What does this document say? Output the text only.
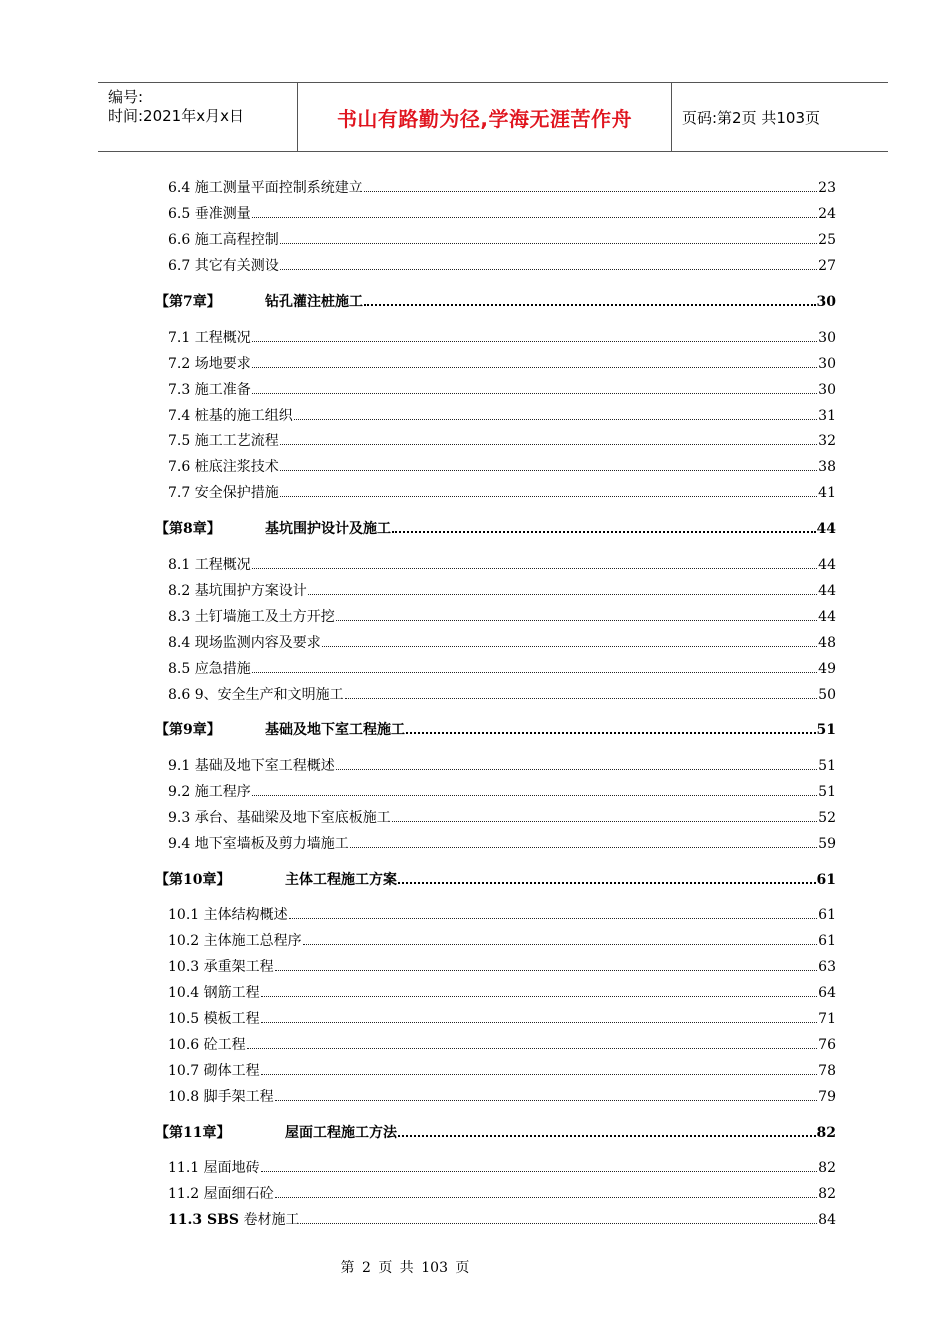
编号:
时间:2021年x月x日	书山有路勤为径,学海无涯苦作舟	页码:第2页 共103页
6.4 施工测量平面控制系统建立	23
6.5 垂准测量	24
6.6 施工高程控制	25
6.7 其它有关测设	27
【第7章】	钻孔灌注桩施工	30
7.1 工程概况	30
7.2 场地要求	30
7.3 施工准备	30
7.4 桩基的施工组织	31
7.5 施工工艺流程	32
7.6 桩底注浆技术	38
7.7 安全保护措施	41
【第8章】	基坑围护设计及施工	44
8.1 工程概况	44
8.2 基坑围护方案设计	44
8.3 土钉墙施工及土方开挖	44
8.4 现场监测内容及要求	48
8.5 应急措施	49
8.6 9、安全生产和文明施工	50
【第9章】	基础及地下室工程施工	51
9.1 基础及地下室工程概述	51
9.2 施工程序	51
9.3 承台、基础梁及地下室底板施工	52
9.4 地下室墙板及剪力墙施工	59
【第10章】	主体工程施工方案	61
10.1 主体结构概述	61
10.2 主体施工总程序	61
10.3 承重架工程	63
10.4 钢筋工程	64
10.5 模板工程	71
10.6 砼工程	76
10.7 砌体工程	78
10.8 脚手架工程	79
【第11章】	屋面工程施工方法	82
11.1 屋面地砖	82
11.2 屋面细石砼	82
11.3 SBS 卷材施工	84
第 2 页 共 103 页
